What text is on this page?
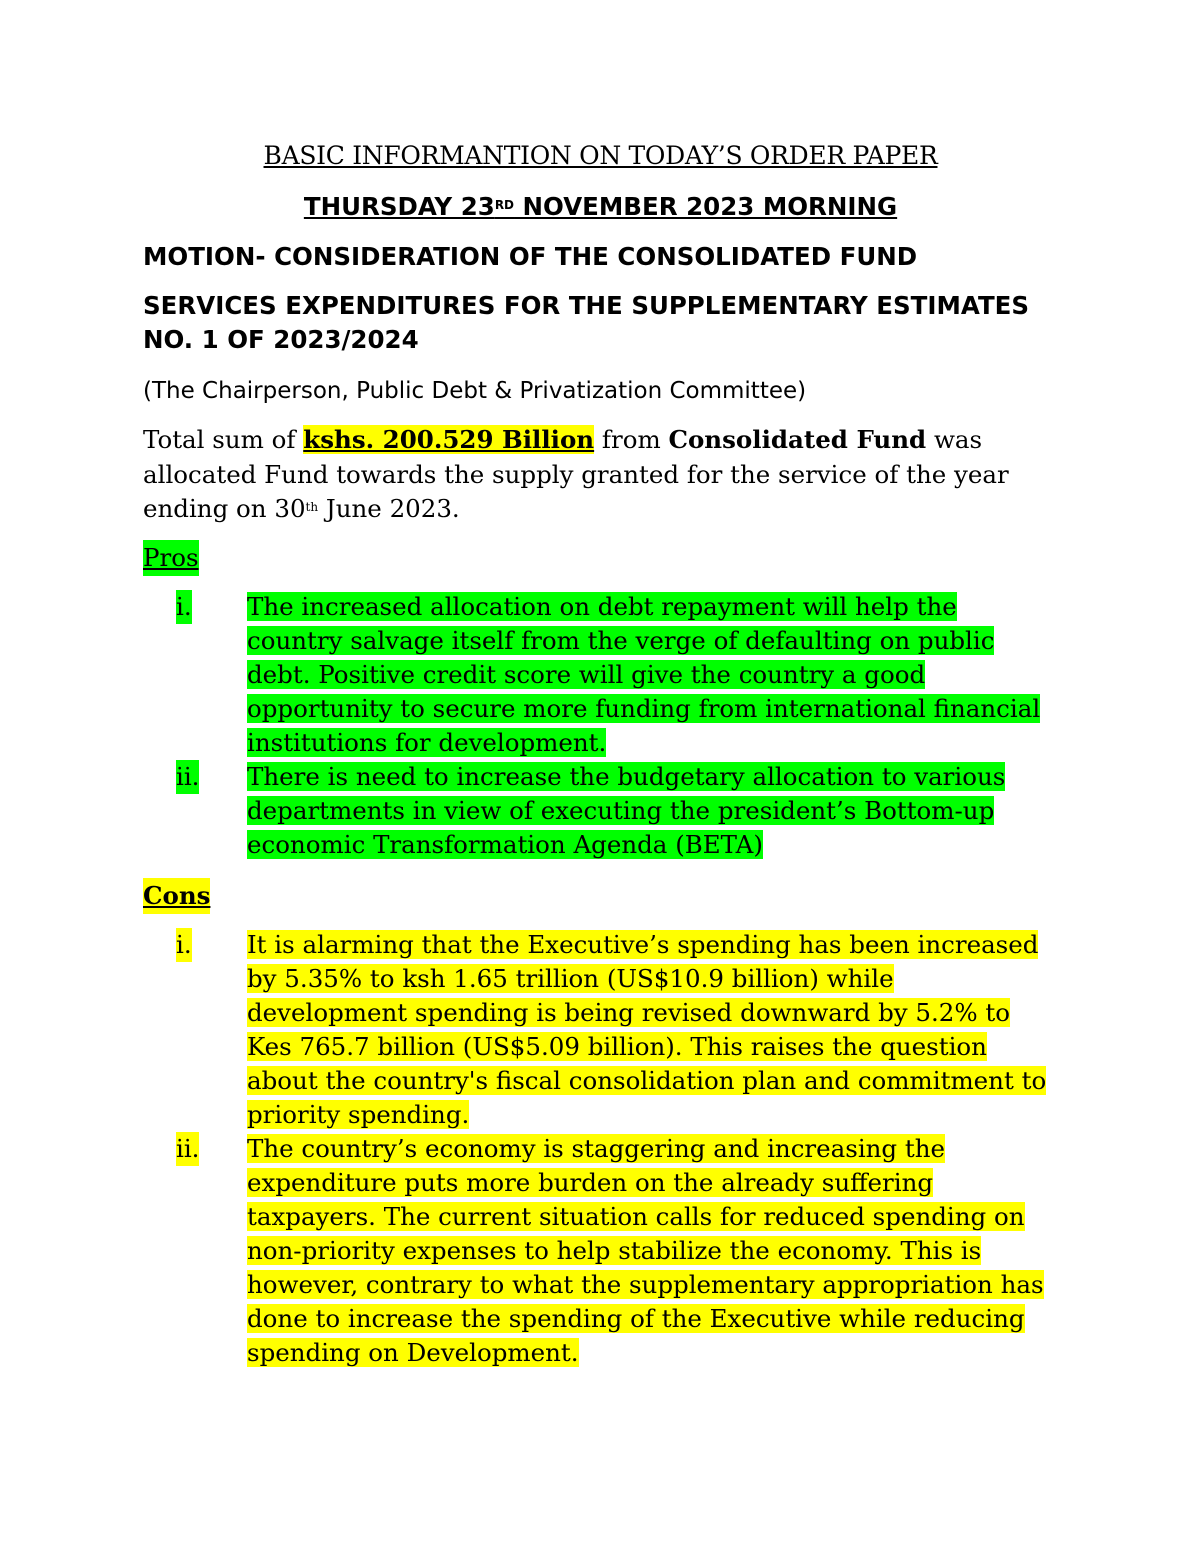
BASIC INFORMANTION ON TODAY’S ORDER PAPER

THURSDAY 23RD NOVEMBER 2023 MORNING

MOTION- CONSIDERATION OF THE CONSOLIDATED FUND

SERVICES EXPENDITURES FOR THE SUPPLEMENTARY ESTIMATES NO. 1 OF 2023/2024

(The Chairperson, Public Debt & Privatization Committee)

Total sum of kshs. 200.529 Billion from Consolidated Fund was allocated Fund towards the supply granted for the service of the year ending on 30th June 2023.

Pros
i. The increased allocation on debt repayment will help the country salvage itself from the verge of defaulting on public debt. Positive credit score will give the country a good opportunity to secure more funding from international financial institutions for development.
ii. There is need to increase the budgetary allocation to various departments in view of executing the president’s Bottom-up economic Transformation Agenda (BETA)
Cons
i. It is alarming that the Executive’s spending has been increased by 5.35% to ksh 1.65 trillion (US$10.9 billion) while development spending is being revised downward by 5.2% to Kes 765.7 billion (US$5.09 billion). This raises the question about the country's fiscal consolidation plan and commitment to priority spending.
ii. The country’s economy is staggering and increasing the expenditure puts more burden on the already suffering taxpayers. The current situation calls for reduced spending on non-priority expenses to help stabilize the economy. This is however, contrary to what the supplementary appropriation has done to increase the spending of the Executive while reducing spending on Development.
